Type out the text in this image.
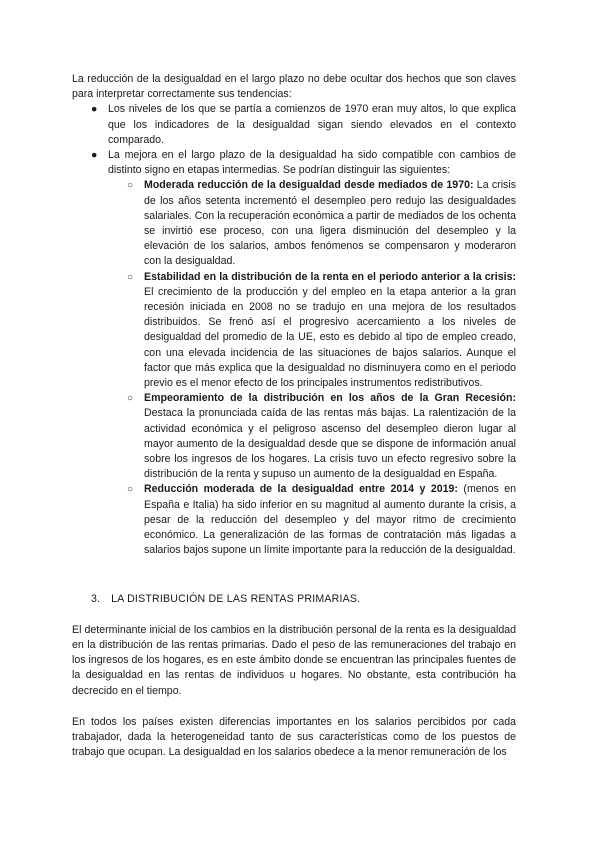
La reducción de la desigualdad en el largo plazo no debe ocultar dos hechos que son claves para interpretar correctamente sus tendencias:

● Los niveles de los que se partía a comienzos de 1970 eran muy altos, lo que explica que los indicadores de la desigualdad sigan siendo elevados en el contexto comparado.
● La mejora en el largo plazo de la desigualdad ha sido compatible con cambios de distinto signo en etapas intermedias. Se podrían distinguir las siguientes:
○ Moderada reducción de la desigualdad desde mediados de 1970: La crisis de los años setenta incrementó el desempleo pero redujo las desigualdades salariales. Con la recuperación económica a partir de mediados de los ochenta se invirtió ese proceso, con una ligera disminución del desempleo y la elevación de los salarios, ambos fenómenos se compensaron y moderaron con la desigualdad.
○ Estabilidad en la distribución de la renta en el periodo anterior a la crisis: El crecimiento de la producción y del empleo en la etapa anterior a la gran recesión iniciada en 2008 no se tradujo en una mejora de los resultados distribuidos. Se frenó así el progresivo acercamiento a los niveles de desigualdad del promedio de la UE, esto es debido al tipo de empleo creado, con una elevada incidencia de las situaciones de bajos salarios. Aunque el factor que más explica que la desigualdad no disminuyera como en el periodo previo es el menor efecto de los principales instrumentos redistributivos.
○ Empeoramiento de la distribución en los años de la Gran Recesión: Destaca la pronunciada caída de las rentas más bajas. La ralentización de la actividad económica y el peligroso ascenso del desempleo dieron lugar al mayor aumento de la desigualdad desde que se dispone de información anual sobre los ingresos de los hogares. La crisis tuvo un efecto regresivo sobre la distribución de la renta y supuso un aumento de la desigualdad en España.
○ Reducción moderada de la desigualdad entre 2014 y 2019: (menos en España e Italia) ha sido inferior en su magnitud al aumento durante la crisis, a pesar de la reducción del desempleo y del mayor ritmo de crecimiento económico. La generalización de las formas de contratación más ligadas a salarios bajos supone un límite importante para la reducción de la desigualdad.
3. LA DISTRIBUCIÓN DE LAS RENTAS PRIMARIAS.

El determinante inicial de los cambios en la distribución personal de la renta es la desigualdad en la distribución de las rentas primarias. Dado el peso de las remuneraciones del trabajo en los ingresos de los hogares, es en este ámbito donde se encuentran las principales fuentes de la desigualdad en las rentas de individuos u hogares. No obstante, esta contribución ha decrecido en el tiempo.

En todos los países existen diferencias importantes en los salarios percibidos por cada trabajador, dada la heterogeneidad tanto de sus características como de los puestos de trabajo que ocupan. La desigualdad en los salarios obedece a la menor remuneración de los
